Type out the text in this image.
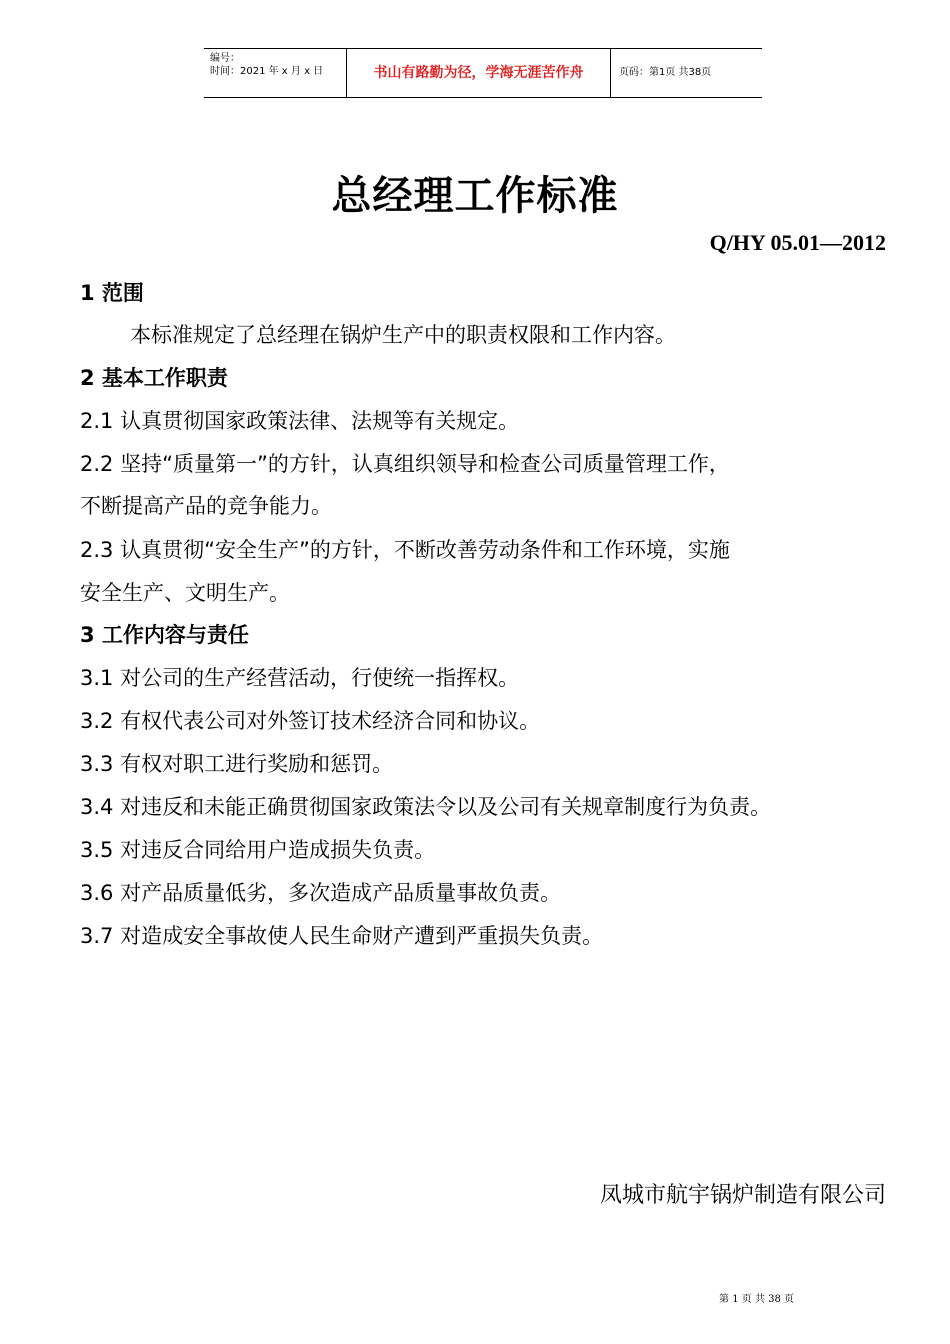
编号：
时间：2021 年 x 月 x 日	书山有路勤为径，学海无涯苦作舟	页码：第1页 共38页
总经理工作标准
Q/HY 05.01—2012
1 范围
本标准规定了总经理在锅炉生产中的职责权限和工作内容。
2 基本工作职责
2.1 认真贯彻国家政策法律、法规等有关规定。
2.2 坚持“质量第一”的方针，认真组织领导和检查公司质量管理工作，
不断提高产品的竞争能力。
2.3 认真贯彻“安全生产”的方针，不断改善劳动条件和工作环境，实施
安全生产、文明生产。
3 工作内容与责任
3.1 对公司的生产经营活动，行使统一指挥权。
3.2 有权代表公司对外签订技术经济合同和协议。
3.3 有权对职工进行奖励和惩罚。
3.4 对违反和未能正确贯彻国家政策法令以及公司有关规章制度行为负责。
3.5 对违反合同给用户造成损失负责。
3.6 对产品质量低劣，多次造成产品质量事故负责。
3.7 对造成安全事故使人民生命财产遭到严重损失负责。
凤城市航宇锅炉制造有限公司
第 1 页 共 38 页
